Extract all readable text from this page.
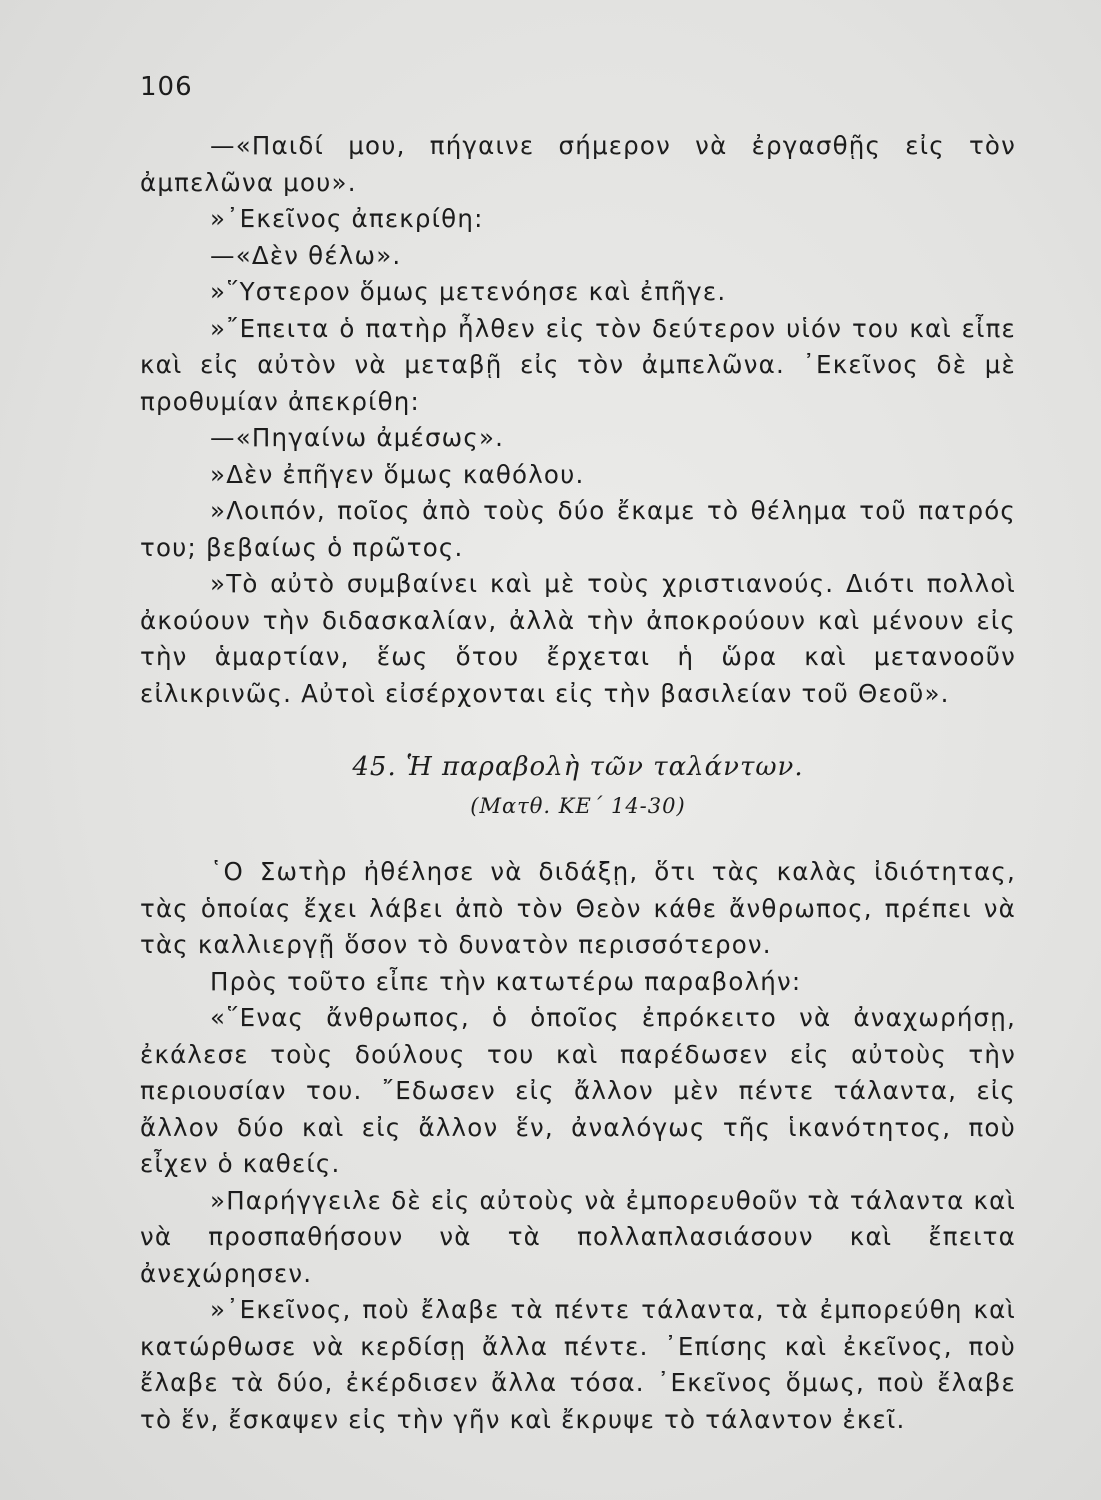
106

—«Παιδί μου, πήγαινε σήμερον νὰ ἐργασθῇς εἰς τὸν ἀμπελῶνα μου».

»᾿Εκεῖνος ἀπεκρίθη:

—«Δὲν θέλω».

»῞Υστερον ὅμως μετενόησε καὶ ἐπῆγε.

»῎Επειτα ὁ πατὴρ ἦλθεν εἰς τὸν δεύτερον υἱόν του καὶ εἶπε καὶ εἰς αὐτὸν νὰ μεταβῇ εἰς τὸν ἀμπελῶνα. ᾿Εκεῖνος δὲ μὲ προθυμίαν ἀπεκρίθη:

—«Πηγαίνω ἀμέσως».

»Δὲν ἐπῆγεν ὅμως καθόλου.

»Λοιπόν, ποῖος ἀπὸ τοὺς δύο ἔκαμε τὸ θέλημα τοῦ πατρός του; βεβαίως ὁ πρῶτος.

»Τὸ αὐτὸ συμβαίνει καὶ μὲ τοὺς χριστιανούς. Διότι πολλοὶ ἀκούουν τὴν διδασκαλίαν, ἀλλὰ τὴν ἀποκρούουν καὶ μένουν εἰς τὴν ἁμαρτίαν, ἕως ὅτου ἔρχεται ἡ ὥρα καὶ μετανοοῦν εἰλικρινῶς. Αὐτοὶ εἰσέρχονται εἰς τὴν βασιλείαν τοῦ Θεοῦ».

45. Ἡ παραβολὴ τῶν ταλάντων.
(Ματθ. ΚΕ΄ 14-30)

῾Ο Σωτὴρ ἠθέλησε νὰ διδάξῃ, ὅτι τὰς καλὰς ἰδιότητας, τὰς ὁποίας ἔχει λάβει ἀπὸ τὸν Θεὸν κάθε ἄνθρωπος, πρέπει νὰ τὰς καλλιεργῇ ὅσον τὸ δυνατὸν περισσότερον.

Πρὸς τοῦτο εἶπε τὴν κατωτέρω παραβολήν:

«῞Ενας ἄνθρωπος, ὁ ὁποῖος ἐπρόκειτο νὰ ἀναχωρήσῃ, ἐκάλεσε τοὺς δούλους του καὶ παρέδωσεν εἰς αὐτοὺς τὴν περιουσίαν του. ῎Εδωσεν εἰς ἄλλον μὲν πέντε τάλαντα, εἰς ἄλλον δύο καὶ εἰς ἄλλον ἕν, ἀναλόγως τῆς ἱκανότητος, ποὺ εἶχεν ὁ καθείς.

»Παρήγγειλε δὲ εἰς αὐτοὺς νὰ ἐμπορευθοῦν τὰ τάλαντα καὶ νὰ προσπαθήσουν νὰ τὰ πολλαπλασιάσουν καὶ ἔπειτα ἀνεχώρησεν.

»᾿Εκεῖνος, ποὺ ἔλαβε τὰ πέντε τάλαντα, τὰ ἐμπορεύθη καὶ κατώρθωσε νὰ κερδίσῃ ἄλλα πέντε. ᾿Επίσης καὶ ἐκεῖνος, ποὺ ἔλαβε τὰ δύο, ἐκέρδισεν ἄλλα τόσα. ᾿Εκεῖνος ὅμως, ποὺ ἔλαβε τὸ ἕν, ἔσκαψεν εἰς τὴν γῆν καὶ ἔκρυψε τὸ τάλαντον ἐκεῖ.
